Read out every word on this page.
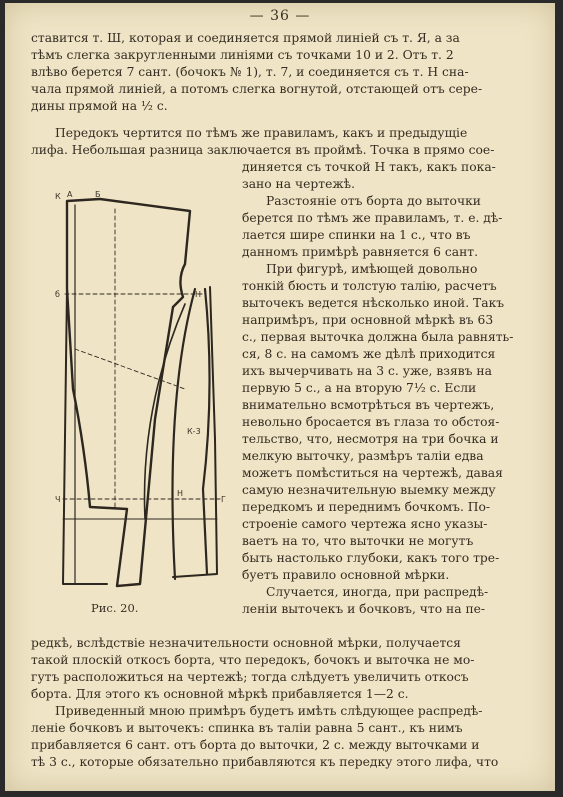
— 36 —
ставится т. Ш, которая и соединяется прямой линіей съ т. Я, а за
тѣмъ слегка закругленными линіями съ точками 10 и 2. Отъ т. 2
влѣво берется 7 сант. (бочокъ № 1), т. 7, и соединяется съ т. Н сна-
чала прямой линіей, а потомъ слегка вогнутой, отстающей отъ сере-
дины прямой на ½ с.
Передокъ чертится по тѣмъ же правиламъ, какъ и предыдущіе
лифа. Небольшая разница заключается въ проймѣ. Точка в прямо сое-
диняется съ точкой Н такъ, какъ пока-
зано на чертежѣ.
Разстояніе отъ борта до выточки
берется по тѣмъ же правиламъ, т. е. дѣ-
лается шире спинки на 1 с., что въ
данномъ примѣрѣ равняется 6 сант.
При фигурѣ, имѣющей довольно
тонкій бюсть и толстую талію, расчетъ
выточекъ ведется нѣсколько иной. Такъ
напримѣръ, при основной мѣркѣ въ 63
с., первая выточка должна была равнять-
ся, 8 с. на самомъ же дѣлѣ приходится
ихъ вычерчивать на 3 с. уже, взявъ на
первую 5 с., а на вторую 7½ с. Если
внимательно всмотрѣться въ чертежъ,
невольно бросается въ глаза то обстоя-
тельство, что, несмотря на три бочка и
мелкую выточку, размѣръ таліи едва
можетъ помѣститься на чертежѣ, давая
самую незначительную выемку между
передкомъ и переднимъ бочкомъ. По-
строеніе самого чертежа ясно указы-
ваетъ на то, что выточки не могутъ
быть настолько глубоки, какъ того тре-
буетъ правило основной мѣрки.
Случается, иногда, при распредѣ-
леніи выточекъ и бочковъ, что на пе-
К А	Б
б	Н
К-3
Ч
Н
Г
Рис. 20.
редкѣ, вслѣдствіе незначительности основной мѣрки, получается
такой плоскій откосъ борта, что передокъ, бочокъ и выточка не мо-
гутъ расположиться на чертежѣ; тогда слѣдуетъ увеличить откосъ
борта. Для этого къ основной мѣркѣ прибавляется 1—2 с.
Приведенный мною примѣръ будетъ имѣть слѣдующее распредѣ-
леніе бочковъ и выточекъ: спинка въ таліи равна 5 сант., къ нимъ
прибавляется 6 сант. отъ борта до выточки, 2 с. между выточками и
тѣ 3 с., которые обязательно прибавляются къ передку этого лифа, что
